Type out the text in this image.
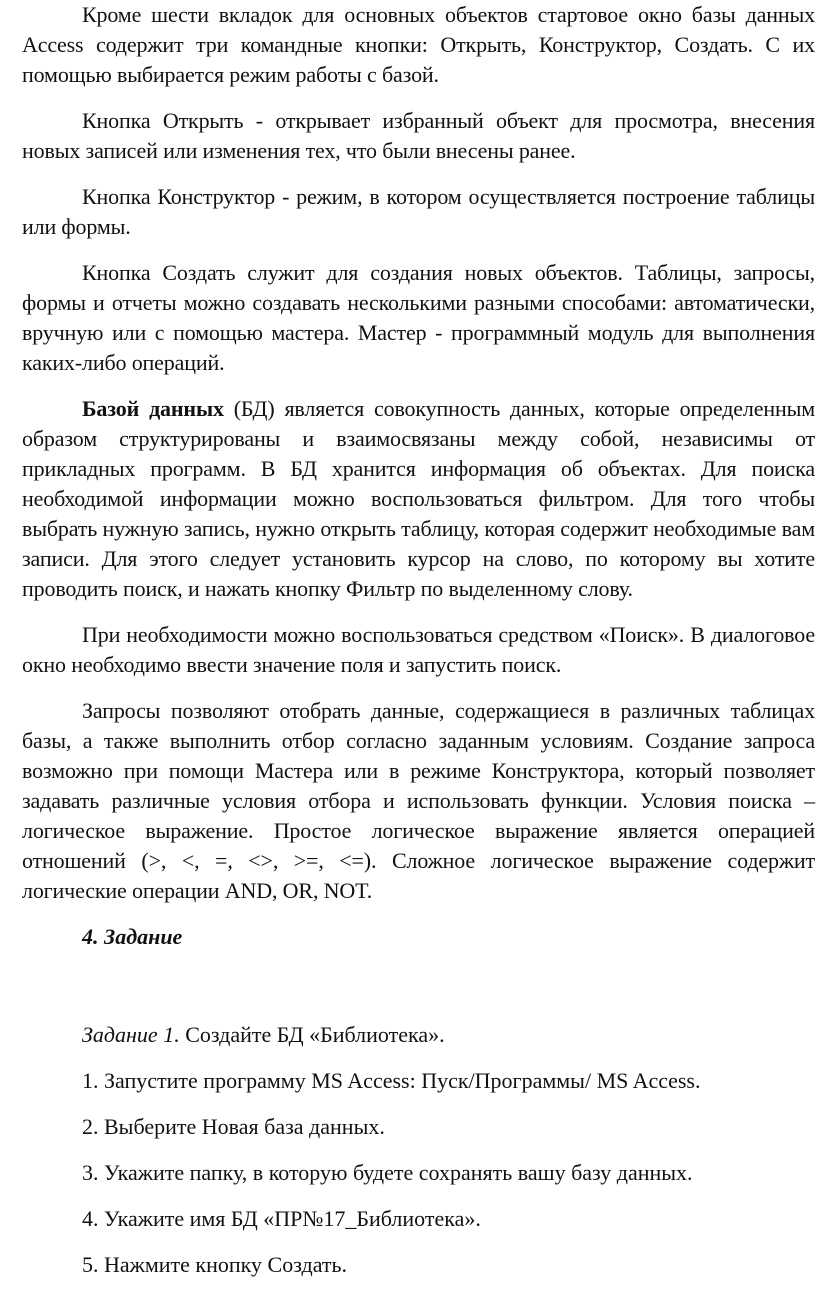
Кроме шести вкладок для основных объектов стартовое окно базы данных Access содержит три командные кнопки: Открыть, Конструктор, Создать. С их помощью выбирается режим работы с базой.

Кнопка Открыть - открывает избранный объект для просмотра, внесения новых записей или изменения тех, что были внесены ранее.

Кнопка Конструктор - режим, в котором осуществляется построение таблицы или формы.

Кнопка Создать служит для создания новых объектов. Таблицы, запросы, формы и отчеты можно создавать несколькими разными способами: автоматически, вручную или с помощью мастера. Мастер - программный модуль для выполнения каких-либо операций.

Базой данных (БД) является совокупность данных, которые определенным образом структурированы и взаимосвязаны между собой, независимы от прикладных программ. В БД хранится информация об объектах. Для поиска необходимой информации можно воспользоваться фильтром. Для того чтобы выбрать нужную запись, нужно открыть таблицу, которая содержит необходимые вам записи. Для этого следует установить курсор на слово, по которому вы хотите проводить поиск, и нажать кнопку Фильтр по выделенному слову.

При необходимости можно воспользоваться средством «Поиск». В диалоговое окно необходимо ввести значение поля и запустить поиск.

Запросы позволяют отобрать данные, содержащиеся в различных таблицах базы, а также выполнить отбор согласно заданным условиям. Создание запроса возможно при помощи Мастера или в режиме Конструктора, который позволяет задавать различные условия отбора и использовать функции. Условия поиска – логическое выражение. Простое логическое выражение является операцией отношений (>, <, =, <>, >=, <=). Сложное логическое выражение содержит логические операции AND, OR, NOT.

4. Задание

Задание 1. Создайте БД «Библиотека».

1. Запустите программу MS Access: Пуск/Программы/ MS Access.

2. Выберите Новая база данных.

3. Укажите папку, в которую будете сохранять вашу базу данных.

4. Укажите имя БД «ПР№17_Библиотека».

5. Нажмите кнопку Создать.
